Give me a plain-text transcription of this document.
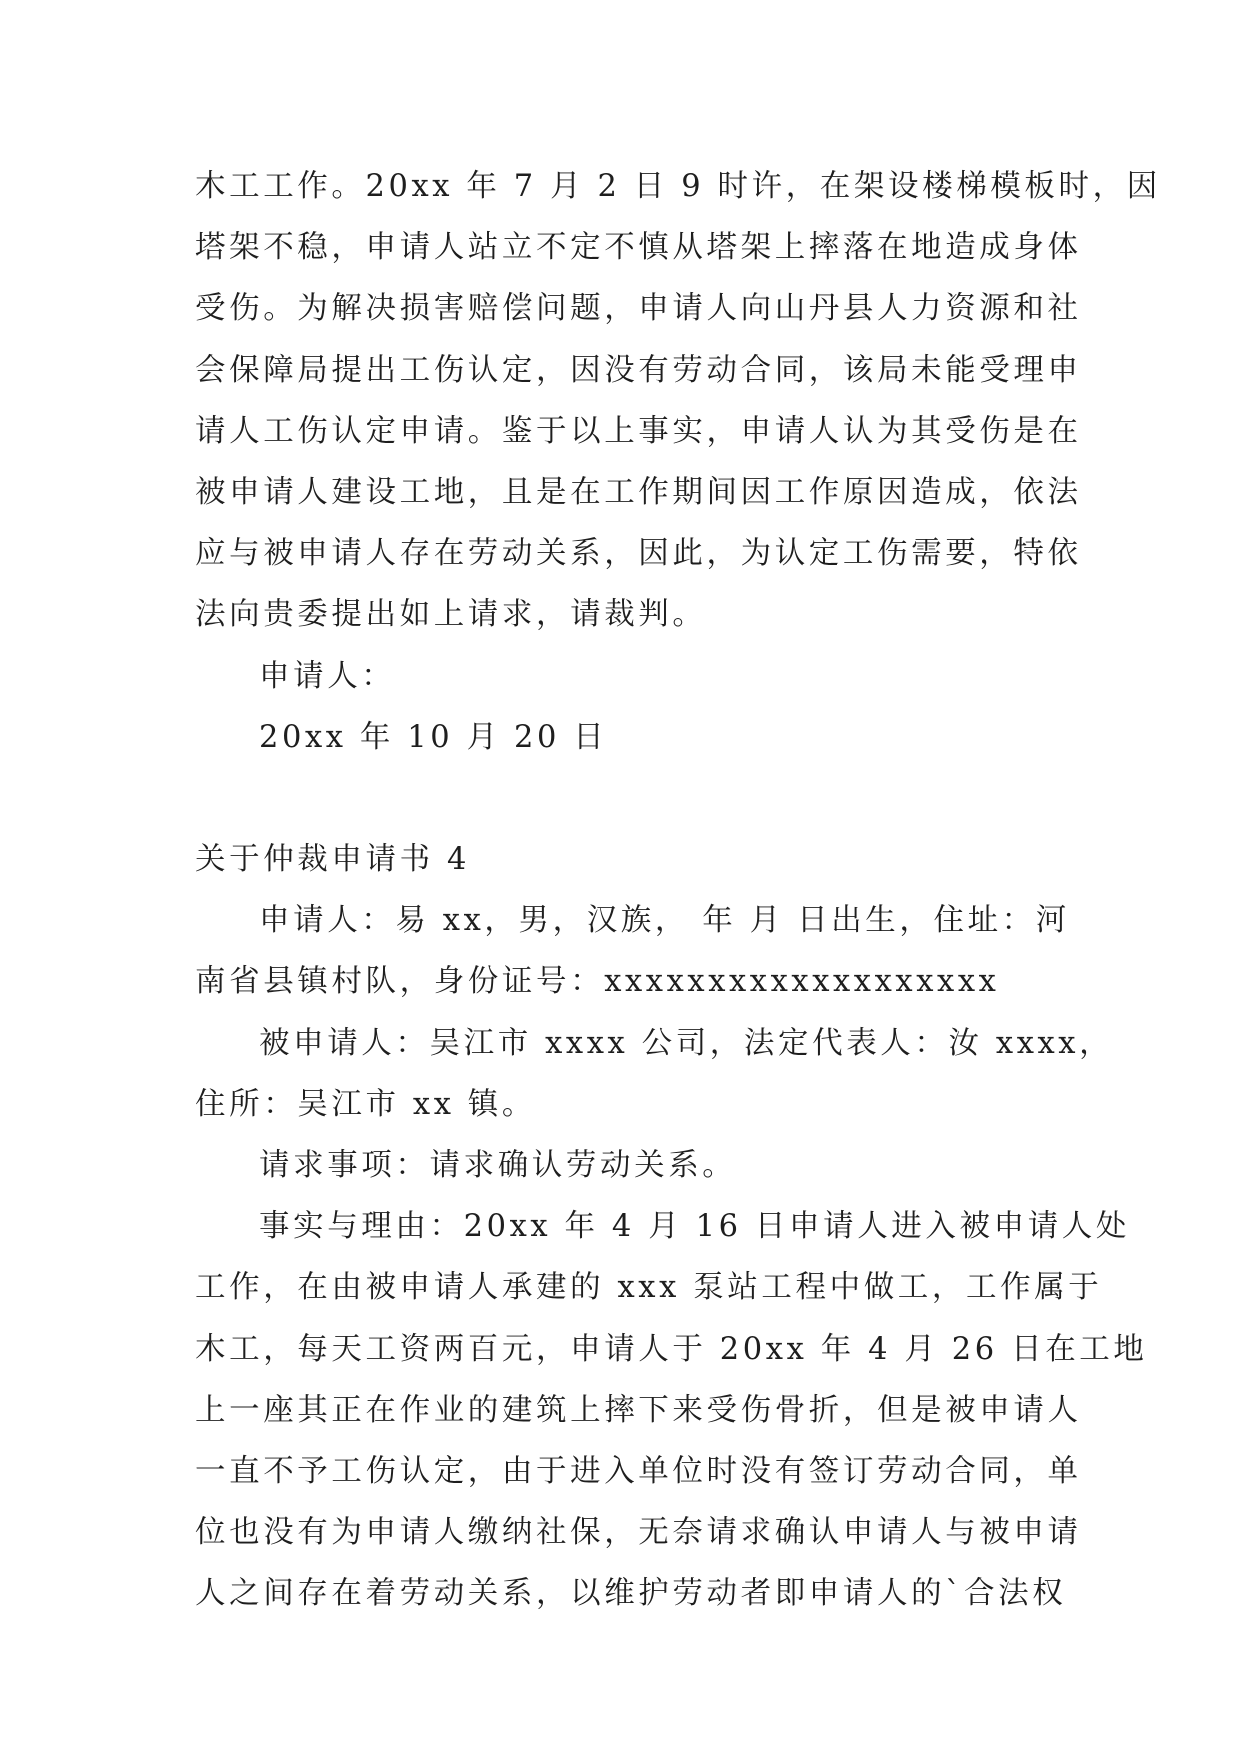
木工工作。20xx 年 7 月 2 日 9 时许，在架设楼梯模板时，因
塔架不稳，申请人站立不定不慎从塔架上摔落在地造成身体
受伤。为解决损害赔偿问题，申请人向山丹县人力资源和社
会保障局提出工伤认定，因没有劳动合同，该局未能受理申
请人工伤认定申请。鉴于以上事实，申请人认为其受伤是在
被申请人建设工地，且是在工作期间因工作原因造成，依法
应与被申请人存在劳动关系，因此，为认定工伤需要，特依
法向贵委提出如上请求，请裁判。
申请人：
20xx 年 10 月 20 日
关于仲裁申请书 4
申请人：易 xx，男，汉族， 年 月 日出生，住址：河
南省县镇村队，身份证号：xxxxxxxxxxxxxxxxxxx
被申请人：吴江市 xxxx 公司，法定代表人：汝 xxxx，
住所：吴江市 xx 镇。
请求事项：请求确认劳动关系。
事实与理由：20xx 年 4 月 16 日申请人进入被申请人处
工作，在由被申请人承建的 xxx 泵站工程中做工，工作属于
木工，每天工资两百元，申请人于 20xx 年 4 月 26 日在工地
上一座其正在作业的建筑上摔下来受伤骨折，但是被申请人
一直不予工伤认定，由于进入单位时没有签订劳动合同，单
位也没有为申请人缴纳社保，无奈请求确认申请人与被申请
人之间存在着劳动关系，以维护劳动者即申请人的`合法权
